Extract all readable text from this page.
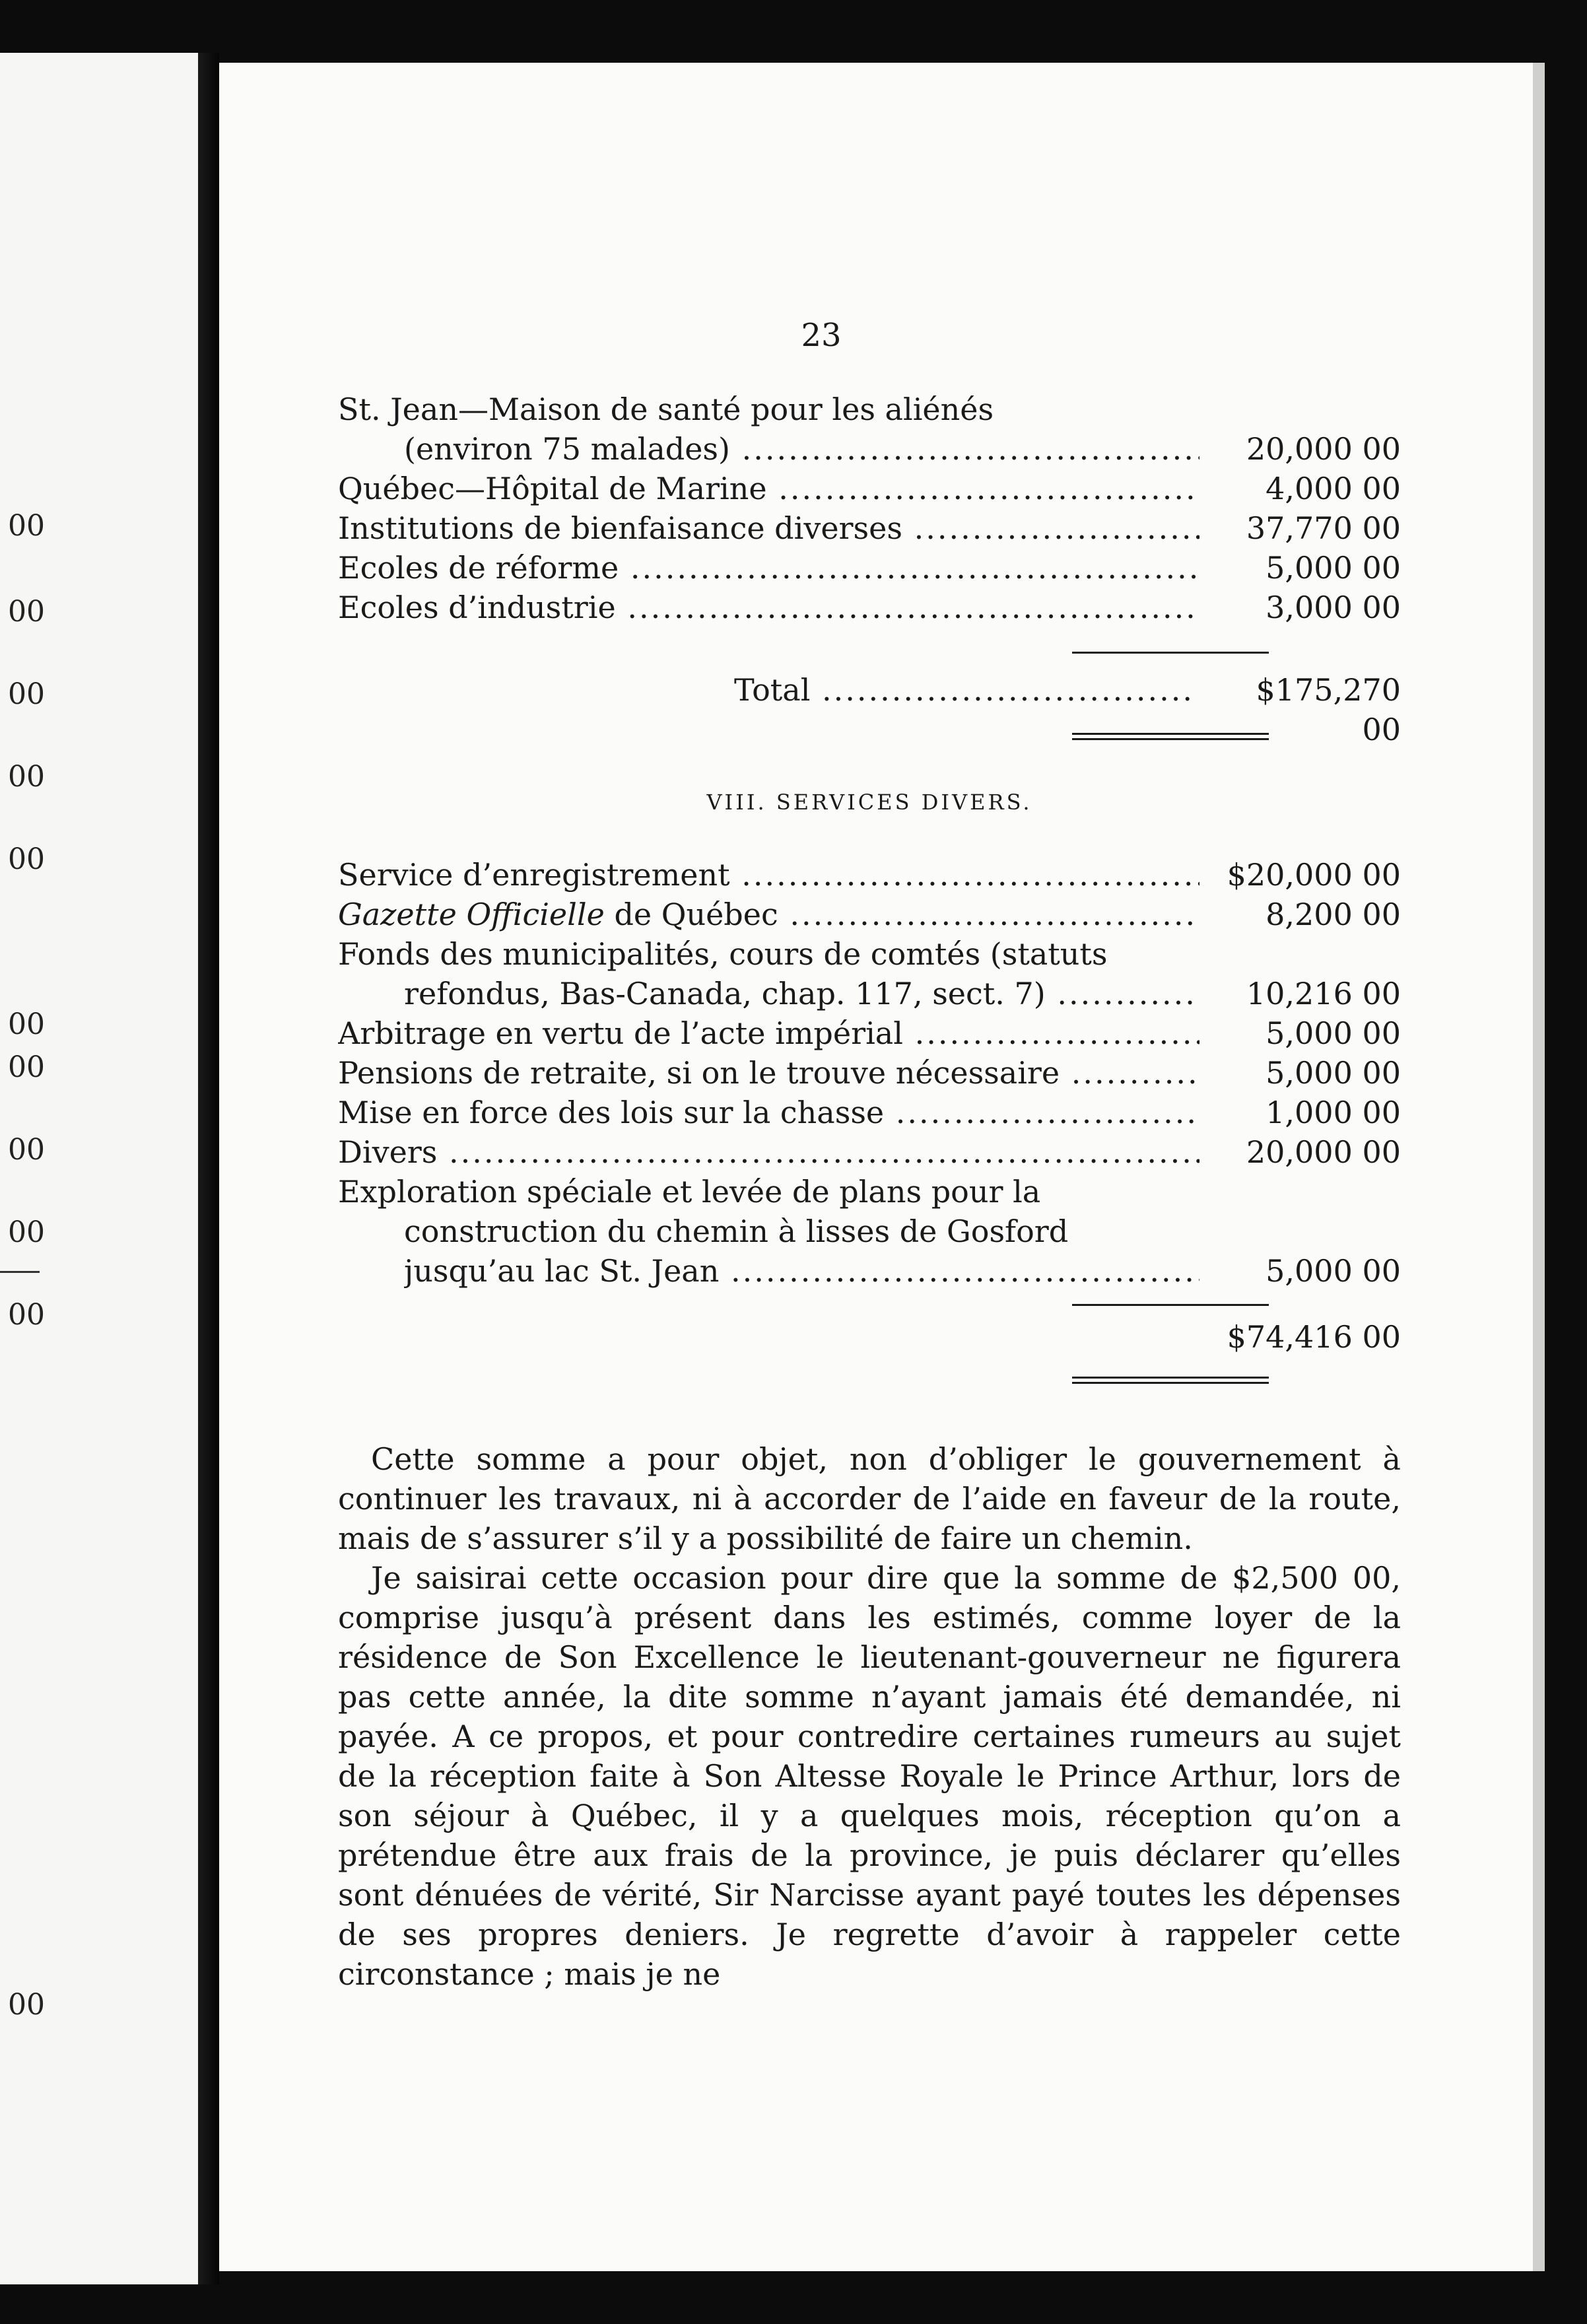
00
00
00
00
00
00
00
00
00
00
00
23
St. Jean—Maison de santé pour les aliénés
(environ 75 malades) .....	20,000 00
Québec—Hôpital de Marine .....	4,000 00
Institutions de bienfaisance diverses .....	37,770 00
Ecoles de réforme .....	5,000 00
Ecoles d’industrie .....	3,000 00
Total .....	$175,270 00
VIII. SERVICES DIVERS.
Service d’enregistrement .....	$20,000 00
Gazette Officielle de Québec .....	8,200 00
Fonds des municipalités, cours de comtés (statuts
refondus, Bas-Canada, chap. 117, sect. 7) .....	10,216 00
Arbitrage en vertu de l’acte impérial .....	5,000 00
Pensions de retraite, si on le trouve nécessaire .....	5,000 00
Mise en force des lois sur la chasse .....	1,000 00
Divers .....	20,000 00
Exploration spéciale et levée de plans pour la
construction du chemin à lisses de Gosford
jusqu’au lac St. Jean .....	5,000 00
$74,416 00

Cette somme a pour objet, non d’obliger le gouvernement à continuer les travaux, ni à accorder de l’aide en faveur de la route, mais de s’assurer s’il y a possibilité de faire un chemin.

Je saisirai cette occasion pour dire que la somme de $2,500 00, comprise jusqu’à présent dans les estimés, comme loyer de la résidence de Son Excellence le lieutenant-gouverneur ne figurera pas cette année, la dite somme n’ayant jamais été demandée, ni payée. A ce propos, et pour contredire certaines rumeurs au sujet de la réception faite à Son Altesse Royale le Prince Arthur, lors de son séjour à Québec, il y a quelques mois, réception qu’on a prétendue être aux frais de la province, je puis déclarer qu’elles sont dénuées de vérité, Sir Narcisse ayant payé toutes les dépenses de ses propres deniers. Je regrette d’avoir à rappeler cette circonstance ; mais je ne
